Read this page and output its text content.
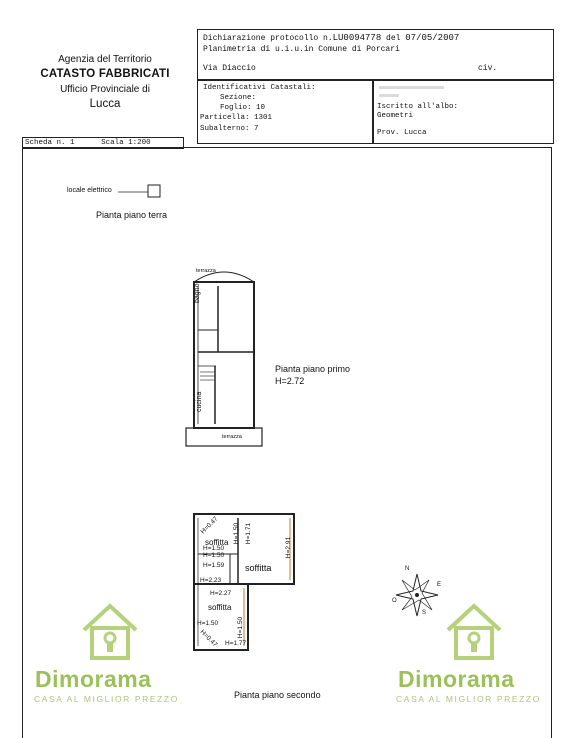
Agenzia del Territorio
CATASTO FABBRICATI
Ufficio Provinciale di
Lucca
Dichiarazione protocollo n.LU0094778 del 07/05/2007
Planimetria di u.i.u.in Comune di Porcari
Via Diaccio	civ.
Identificativi Catastali:
Sezione:
Foglio: 10
Particella: 1301
Subalterno: 7
Iscritto all'albo:
Geometri
Prov. Lucca
Scheda n. 1	Scala 1:200
locale elettrico
Pianta piano terra
terrazza
terrazza
bagno
cucina
Pianta piano primo
H=2.72
H=0.47
soffitta
H=1.50
H=1.50
H=1.50 H=1.71
H=2.91
soffitta
H=1.59
H=2.23
H=2.27
soffitta
H=1.50	H=1.50
H=0.47 H=1.77
Pianta piano secondo
N
E
S
O
Dimorama
CASA AL MIGLIOR PREZZO
Dimorama
CASA AL MIGLIOR PREZZO
